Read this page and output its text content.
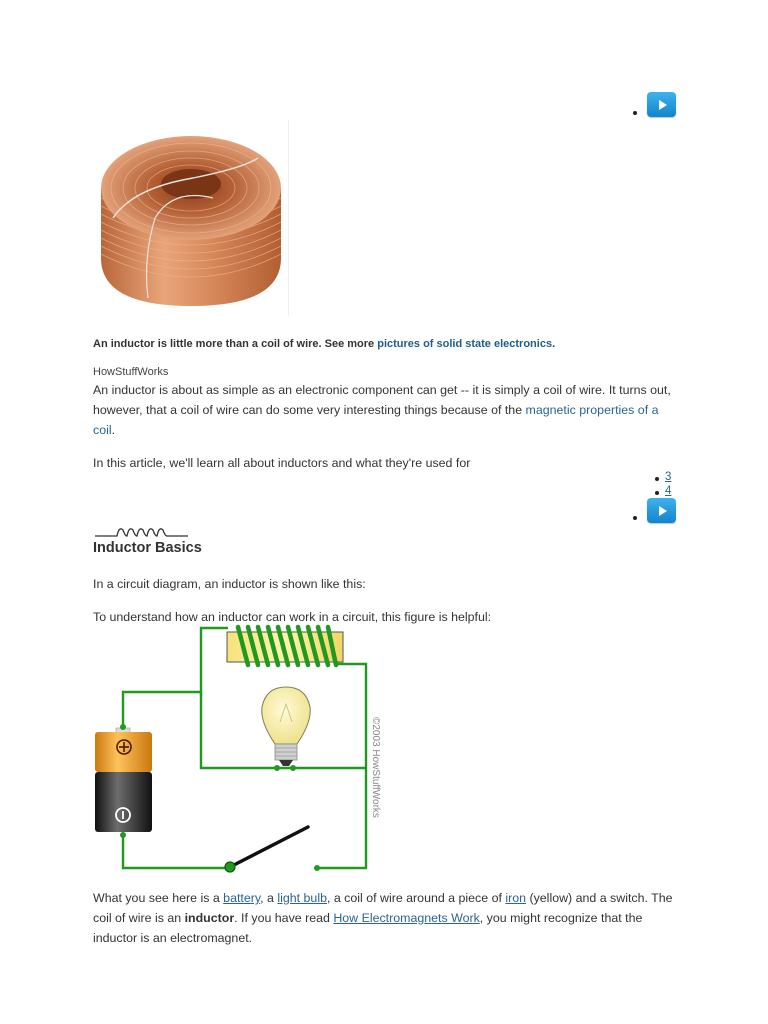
An inductor is little more than a coil of wire. See more pictures of solid state electronics.
HowStuffWorks
An inductor is about as simple as an electronic component can get -- it is simply a coil of wire. It turns out, however, that a coil of wire can do some very interesting things because of the magnetic properties of a coil.
In this article, we'll learn all about inductors and what they're used for
3
4
Inductor Basics
In a circuit diagram, an inductor is shown like this:
To understand how an inductor can work in a circuit, this figure is helpful:
©2003 HowStuffWorks
What you see here is a battery, a light bulb, a coil of wire around a piece of iron (yellow) and a switch. The coil of wire is an inductor. If you have read How Electromagnets Work, you might recognize that the inductor is an electromagnet.
